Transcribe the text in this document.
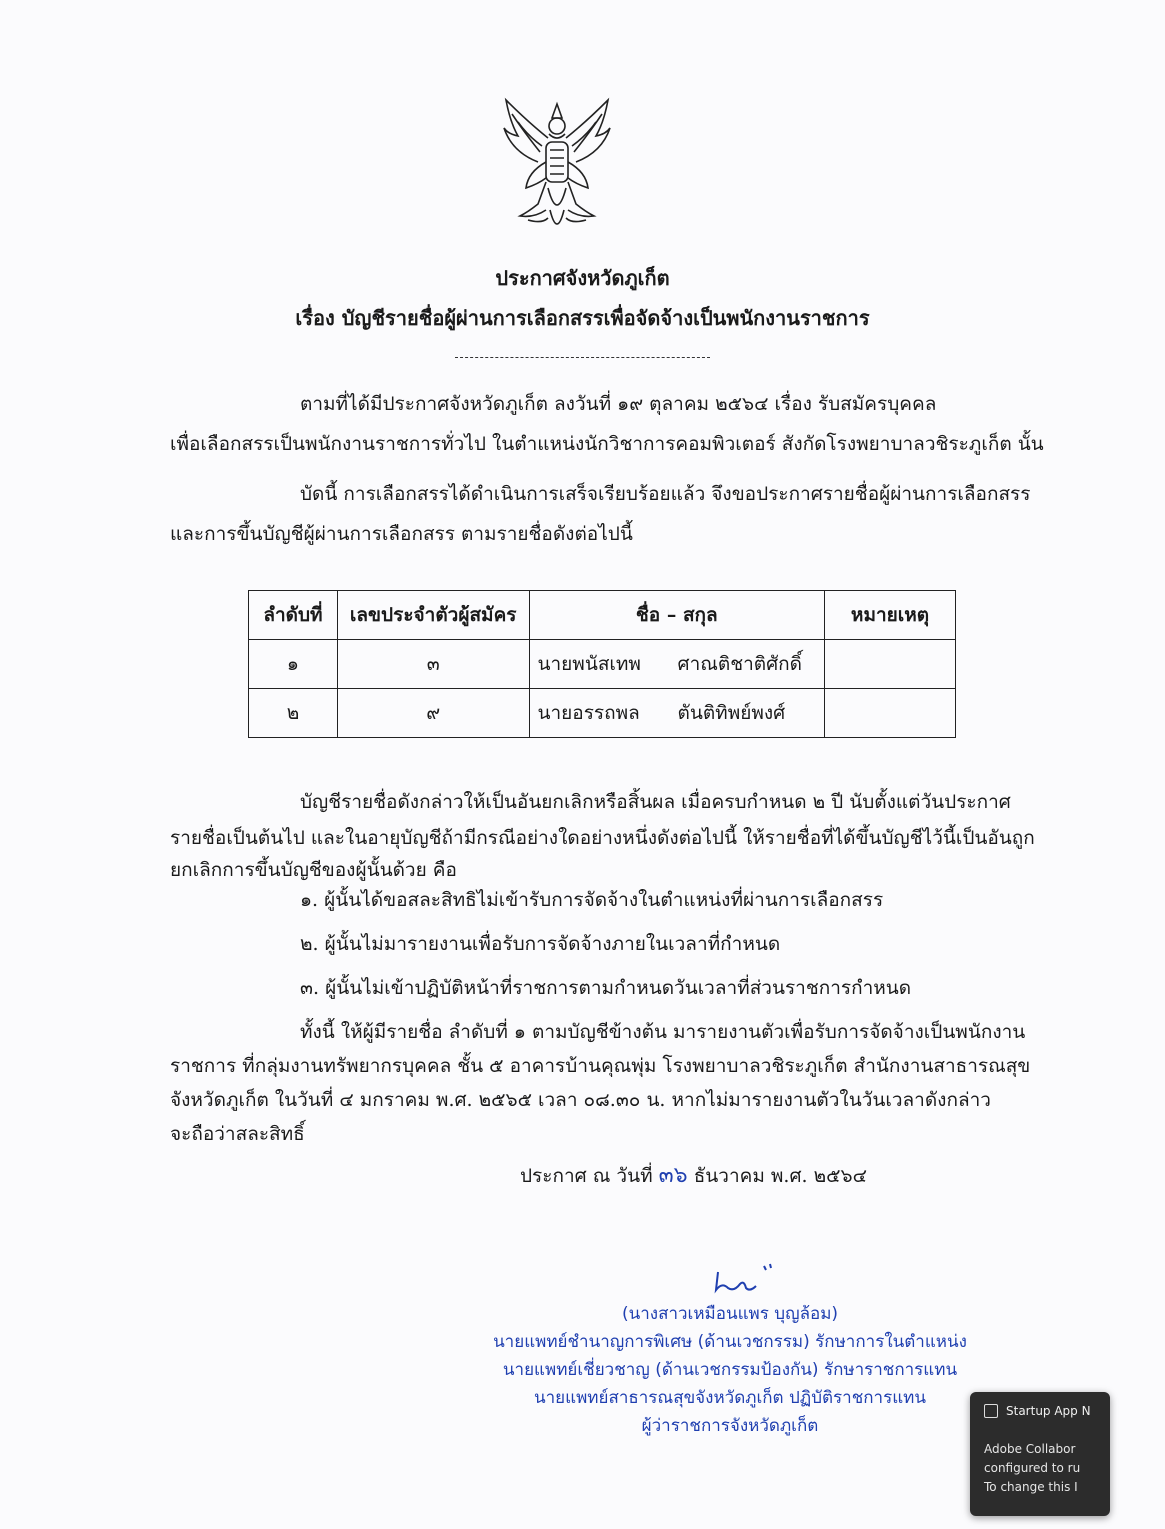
ประกาศจังหวัดภูเก็ต
เรื่อง บัญชีรายชื่อผู้ผ่านการเลือกสรรเพื่อจัดจ้างเป็นพนักงานราชการ
ตามที่ได้มีประกาศจังหวัดภูเก็ต ลงวันที่ ๑๙ ตุลาคม ๒๕๖๔ เรื่อง รับสมัครบุคคล
เพื่อเลือกสรรเป็นพนักงานราชการทั่วไป ในตำแหน่งนักวิชาการคอมพิวเตอร์ สังกัดโรงพยาบาลวชิระภูเก็ต นั้น
บัดนี้ การเลือกสรรได้ดำเนินการเสร็จเรียบร้อยแล้ว จึงขอประกาศรายชื่อผู้ผ่านการเลือกสรร
และการขึ้นบัญชีผู้ผ่านการเลือกสรร ตามรายชื่อดังต่อไปนี้
ลำดับที่	เลขประจำตัวผู้สมัคร	ชื่อ – สกุล	หมายเหตุ
๑	๓	นายพนัสเทพ ศาณติชาติศักดิ์	
๒	๙	นายอรรถพล ตันติทิพย์พงศ์	
บัญชีรายชื่อดังกล่าวให้เป็นอันยกเลิกหรือสิ้นผล เมื่อครบกำหนด ๒ ปี นับตั้งแต่วันประกาศ
รายชื่อเป็นต้นไป และในอายุบัญชีถ้ามีกรณีอย่างใดอย่างหนึ่งดังต่อไปนี้ ให้รายชื่อที่ได้ขึ้นบัญชีไว้นี้เป็นอันถูก
ยกเลิกการขึ้นบัญชีของผู้นั้นด้วย คือ
๑. ผู้นั้นได้ขอสละสิทธิไม่เข้ารับการจัดจ้างในตำแหน่งที่ผ่านการเลือกสรร
๒. ผู้นั้นไม่มารายงานเพื่อรับการจัดจ้างภายในเวลาที่กำหนด
๓. ผู้นั้นไม่เข้าปฏิบัติหน้าที่ราชการตามกำหนดวันเวลาที่ส่วนราชการกำหนด
ทั้งนี้ ให้ผู้มีรายชื่อ ลำดับที่ ๑ ตามบัญชีข้างต้น มารายงานตัวเพื่อรับการจัดจ้างเป็นพนักงาน
ราชการ ที่กลุ่มงานทรัพยากรบุคคล ชั้น ๕ อาคารบ้านคุณพุ่ม โรงพยาบาลวชิระภูเก็ต สำนักงานสาธารณสุข
จังหวัดภูเก็ต ในวันที่ ๔ มกราคม พ.ศ. ๒๕๖๕ เวลา ๐๘.๓๐ น. หากไม่มารายงานตัวในวันเวลาดังกล่าว
จะถือว่าสละสิทธิ์
ประกาศ ณ วันที่ ๓๖ ธันวาคม พ.ศ. ๒๕๖๔
(นางสาวเหมือนแพร บุญล้อม)
นายแพทย์ชำนาญการพิเศษ (ด้านเวชกรรม) รักษาการในตำแหน่ง
นายแพทย์เชี่ยวชาญ (ด้านเวชกรรมป้องกัน) รักษาราชการแทน
นายแพทย์สาธารณสุขจังหวัดภูเก็ต ปฏิบัติราชการแทน
ผู้ว่าราชการจังหวัดภูเก็ต
Startup App N
Adobe Collabor
configured to ru
To change this I
